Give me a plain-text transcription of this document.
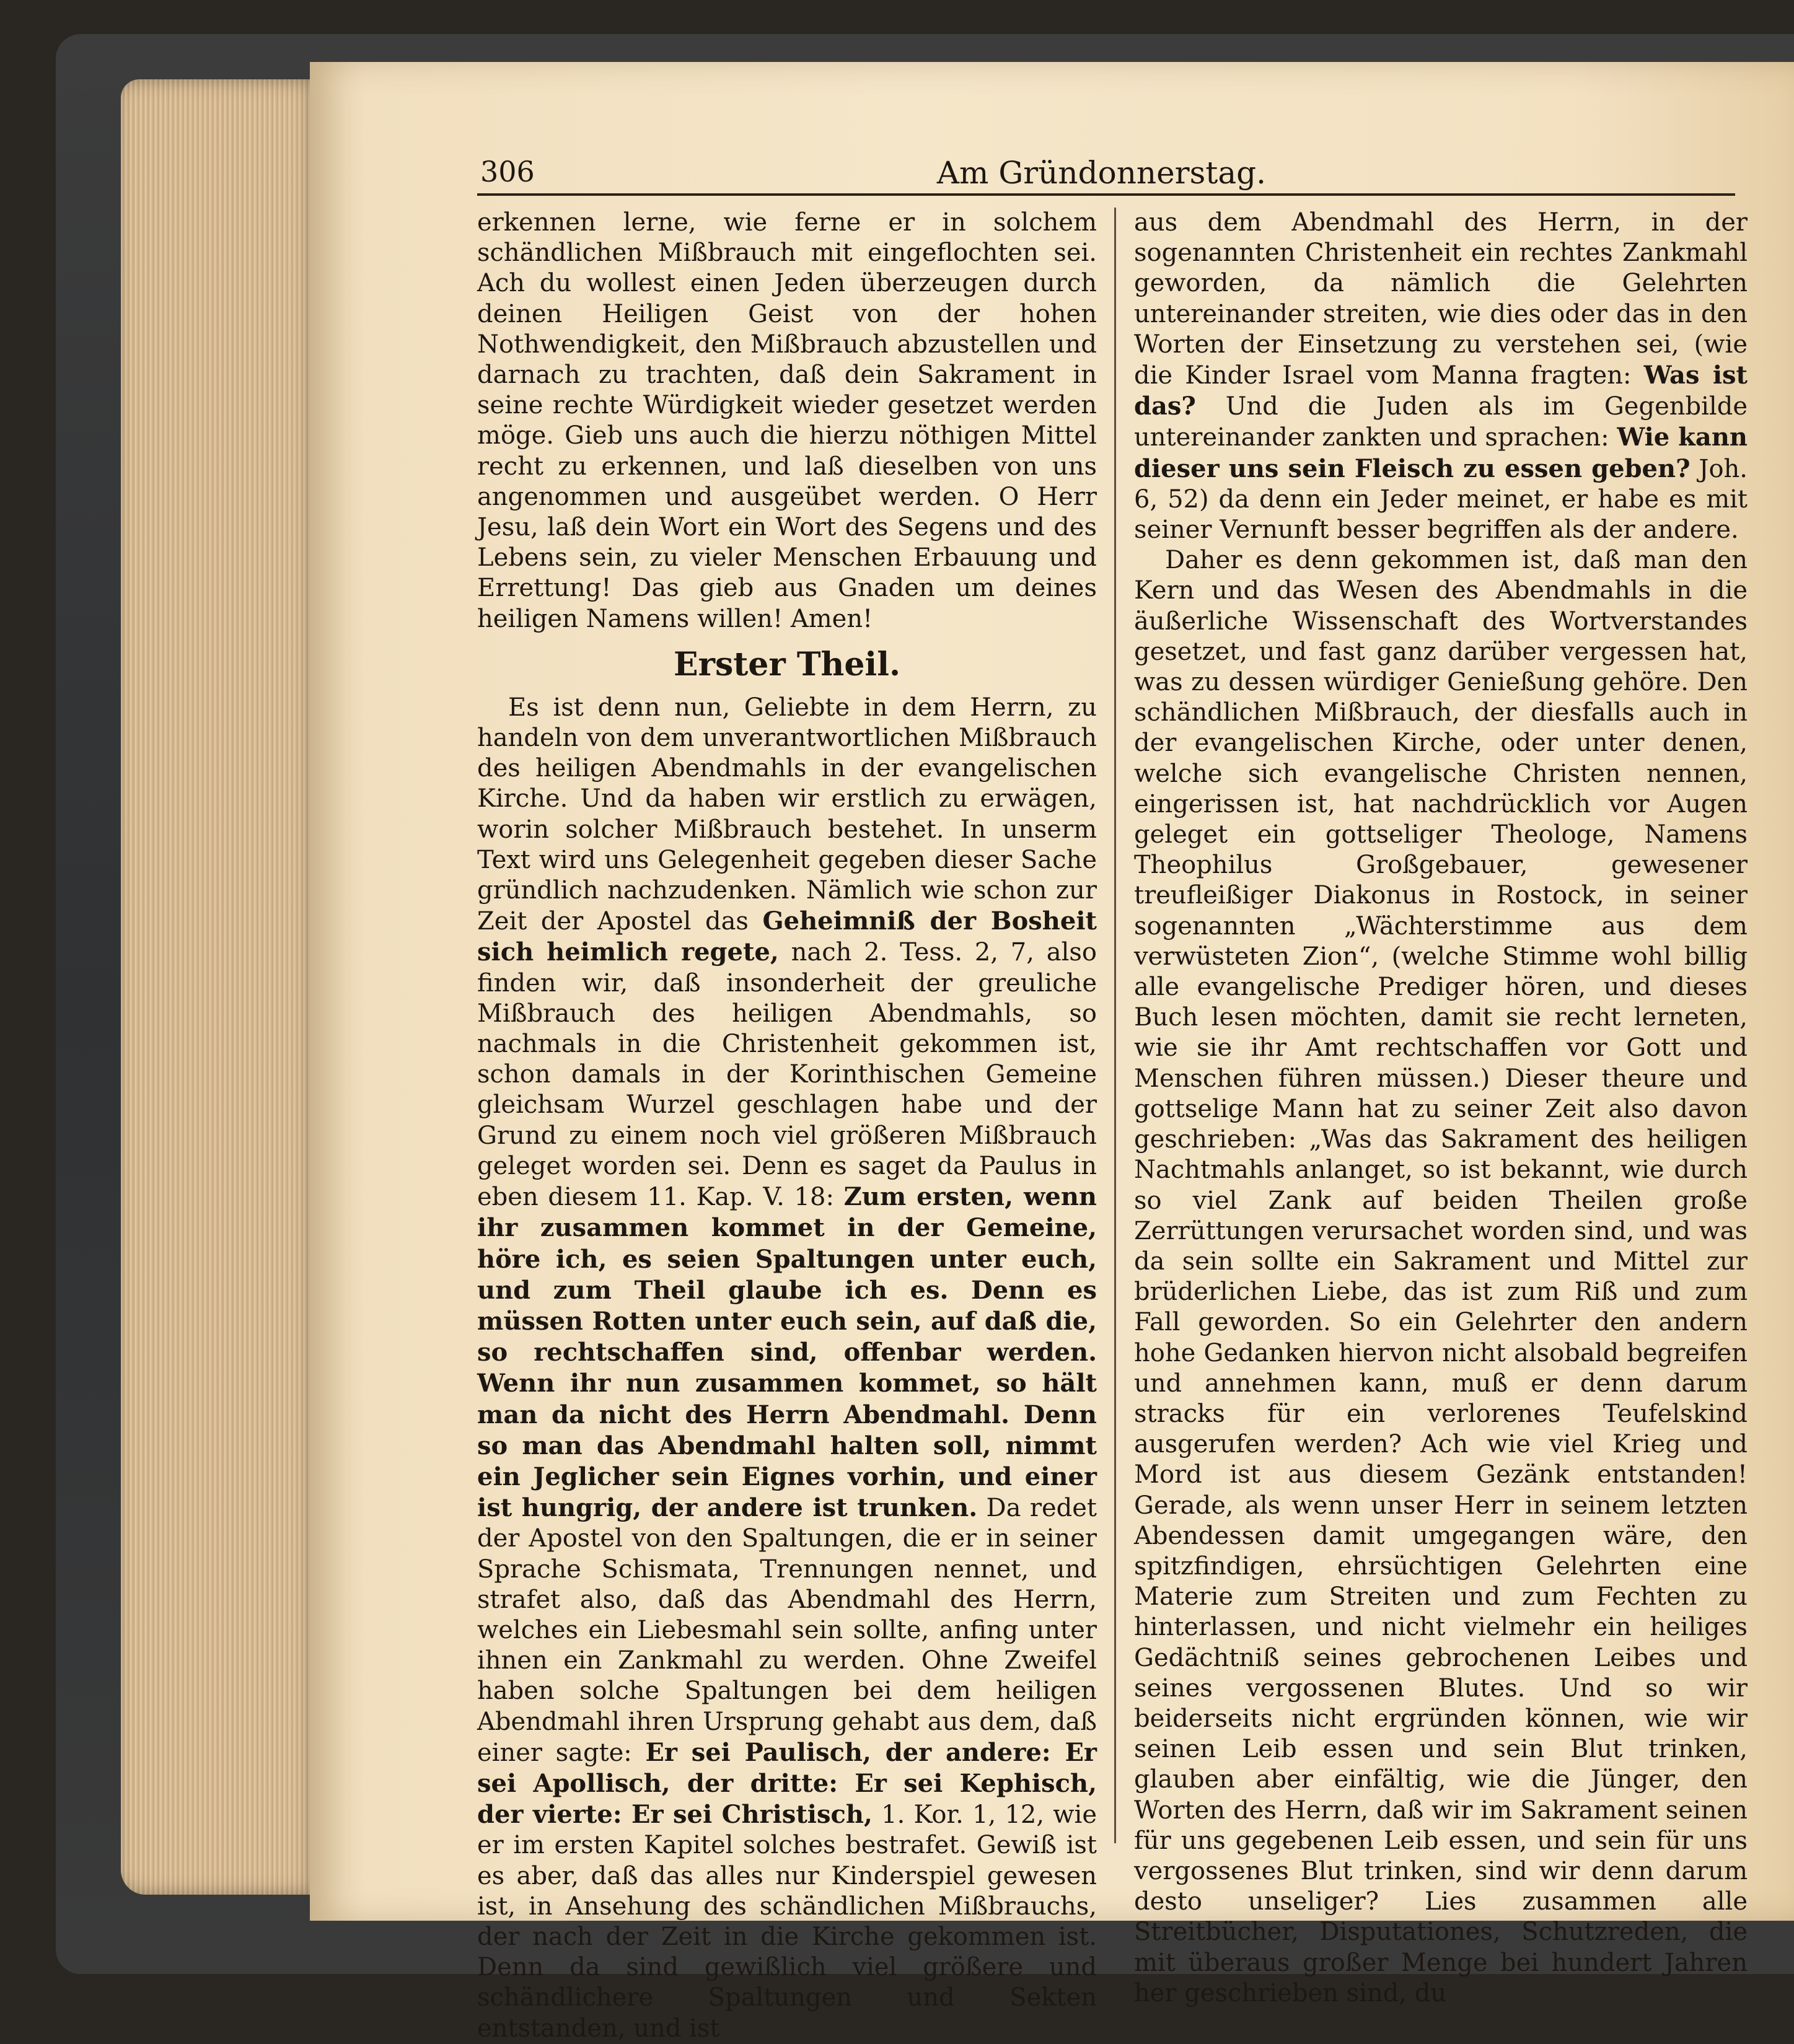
306	Am Gründonnerstag.

erkennen lerne, wie ferne er in solchem schändlichen Mißbrauch mit eingeflochten sei. Ach du wollest einen Jeden überzeugen durch deinen Heiligen Geist von der hohen Nothwendigkeit, den Mißbrauch abzustellen und darnach zu trachten, daß dein Sakrament in seine rechte Würdigkeit wieder gesetzet werden möge. Gieb uns auch die hierzu nöthigen Mittel recht zu erkennen, und laß dieselben von uns angenommen und ausgeübet werden. O Herr Jesu, laß dein Wort ein Wort des Segens und des Lebens sein, zu vieler Menschen Erbauung und Errettung! Das gieb aus Gnaden um deines heiligen Namens willen! Amen!

Erster Theil.

Es ist denn nun, Geliebte in dem Herrn, zu handeln von dem unverantwortlichen Mißbrauch des heiligen Abendmahls in der evangelischen Kirche. Und da haben wir erstlich zu erwägen, worin solcher Mißbrauch bestehet. In unserm Text wird uns Gelegenheit gegeben dieser Sache gründlich nachzudenken. Nämlich wie schon zur Zeit der Apostel das Geheimniß der Bosheit sich heimlich regete, nach 2. Tess. 2, 7, also finden wir, daß insonderheit der greuliche Mißbrauch des heiligen Abendmahls, so nachmals in die Christenheit gekommen ist, schon damals in der Korinthischen Gemeine gleichsam Wurzel geschlagen habe und der Grund zu einem noch viel größeren Mißbrauch geleget worden sei. Denn es saget da Paulus in eben diesem 11. Kap. V. 18: Zum ersten, wenn ihr zusammen kommet in der Gemeine, höre ich, es seien Spaltungen unter euch, und zum Theil glaube ich es. Denn es müssen Rotten unter euch sein, auf daß die, so rechtschaffen sind, offenbar werden. Wenn ihr nun zusammen kommet, so hält man da nicht des Herrn Abendmahl. Denn so man das Abendmahl halten soll, nimmt ein Jeglicher sein Eignes vorhin, und einer ist hungrig, der andere ist trunken. Da redet der Apostel von den Spaltungen, die er in seiner Sprache Schismata, Trennungen nennet, und strafet also, daß das Abendmahl des Herrn, welches ein Liebesmahl sein sollte, anfing unter ihnen ein Zankmahl zu werden. Ohne Zweifel haben solche Spaltungen bei dem heiligen Abendmahl ihren Ursprung gehabt aus dem, daß einer sagte: Er sei Paulisch, der andere: Er sei Apollisch, der dritte: Er sei Kephisch, der vierte: Er sei Christisch, 1. Kor. 1, 12, wie er im ersten Kapitel solches bestrafet. Gewiß ist es aber, daß das alles nur Kinderspiel gewesen ist, in Ansehung des schändlichen Mißbrauchs, der nach der Zeit in die Kirche gekommen ist. Denn da sind gewißlich viel größere und schändlichere Spaltungen und Sekten entstanden, und ist

aus dem Abendmahl des Herrn, in der sogenannten Christenheit ein rechtes Zankmahl geworden, da nämlich die Gelehrten untereinander streiten, wie dies oder das in den Worten der Einsetzung zu verstehen sei, (wie die Kinder Israel vom Manna fragten: Was ist das? Und die Juden als im Gegenbilde untereinander zankten und sprachen: Wie kann dieser uns sein Fleisch zu essen geben? Joh. 6, 52) da denn ein Jeder meinet, er habe es mit seiner Vernunft besser begriffen als der andere.

Daher es denn gekommen ist, daß man den Kern und das Wesen des Abendmahls in die äußerliche Wissenschaft des Wortverstandes gesetzet, und fast ganz darüber vergessen hat, was zu dessen würdiger Genießung gehöre. Den schändlichen Mißbrauch, der diesfalls auch in der evangelischen Kirche, oder unter denen, welche sich evangelische Christen nennen, eingerissen ist, hat nachdrücklich vor Augen geleget ein gottseliger Theologe, Namens Theophilus Großgebauer, gewesener treufleißiger Diakonus in Rostock, in seiner sogenannten „Wächterstimme aus dem verwüsteten Zion“, (welche Stimme wohl billig alle evangelische Prediger hören, und dieses Buch lesen möchten, damit sie recht lerneten, wie sie ihr Amt rechtschaffen vor Gott und Menschen führen müssen.) Dieser theure und gottselige Mann hat zu seiner Zeit also davon geschrieben: „Was das Sakrament des heiligen Nachtmahls anlanget, so ist bekannt, wie durch so viel Zank auf beiden Theilen große Zerrüttungen verursachet worden sind, und was da sein sollte ein Sakrament und Mittel zur brüderlichen Liebe, das ist zum Riß und zum Fall geworden. So ein Gelehrter den andern hohe Gedanken hiervon nicht alsobald begreifen und annehmen kann, muß er denn darum stracks für ein verlorenes Teufelskind ausgerufen werden? Ach wie viel Krieg und Mord ist aus diesem Gezänk entstanden! Gerade, als wenn unser Herr in seinem letzten Abendessen damit umgegangen wäre, den spitzfindigen, ehrsüchtigen Gelehrten eine Materie zum Streiten und zum Fechten zu hinterlassen, und nicht vielmehr ein heiliges Gedächtniß seines gebrochenen Leibes und seines vergossenen Blutes. Und so wir beiderseits nicht ergründen können, wie wir seinen Leib essen und sein Blut trinken, glauben aber einfältig, wie die Jünger, den Worten des Herrn, daß wir im Sakrament seinen für uns gegebenen Leib essen, und sein für uns vergossenes Blut trinken, sind wir denn darum desto unseliger? Lies zusammen alle Streitbücher, Disputationes, Schutzreden, die mit überaus großer Menge bei hundert Jahren her geschrieben sind, du
